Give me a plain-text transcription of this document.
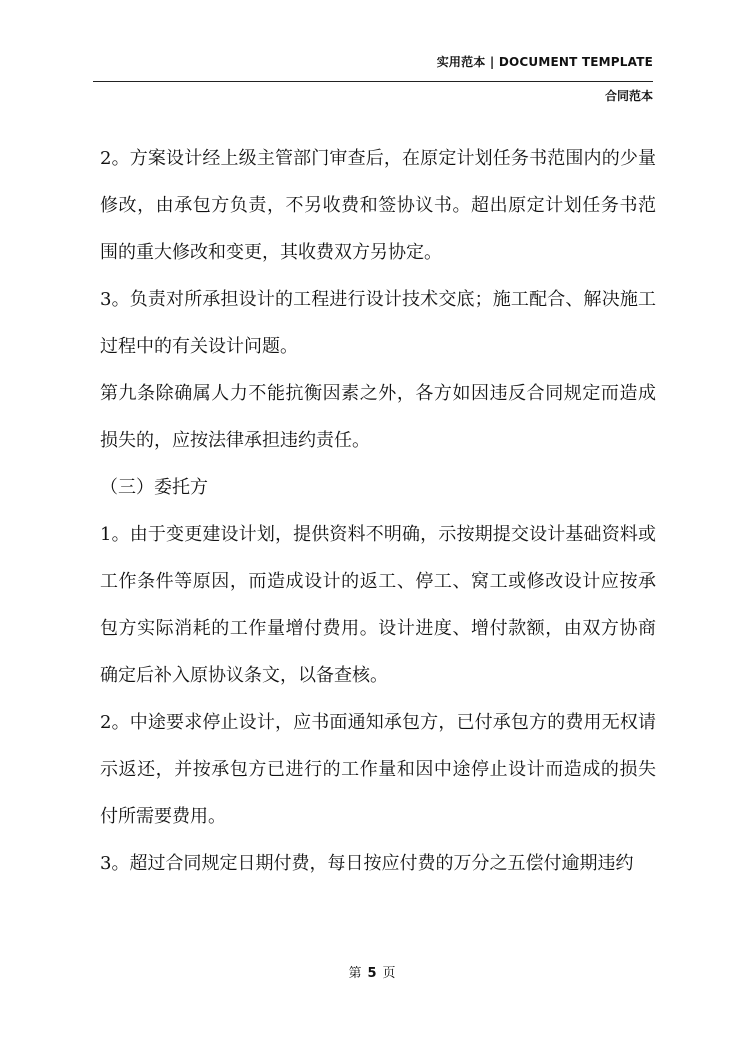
实用范本 | DOCUMENT TEMPLATE
合同范本

2。方案设计经上级主管部门审查后，在原定计划任务书范围内的少量修改，由承包方负责，不另收费和签协议书。超出原定计划任务书范围的重大修改和变更，其收费双方另协定。

3。负责对所承担设计的工程进行设计技术交底；施工配合、解决施工过程中的有关设计问题。

第九条除确属人力不能抗衡因素之外，各方如因违反合同规定而造成损失的，应按法律承担违约责任。

（三）委托方

1。由于变更建设计划，提供资料不明确，示按期提交设计基础资料或工作条件等原因，而造成设计的返工、停工、窝工或修改设计应按承包方实际消耗的工作量增付费用。设计进度、增付款额，由双方协商确定后补入原协议条文，以备查核。

2。中途要求停止设计，应书面通知承包方，已付承包方的费用无权请示返还，并按承包方已进行的工作量和因中途停止设计而造成的损失付所需要费用。

3。超过合同规定日期付费，每日按应付费的万分之五偿付逾期违约

第 5 页
